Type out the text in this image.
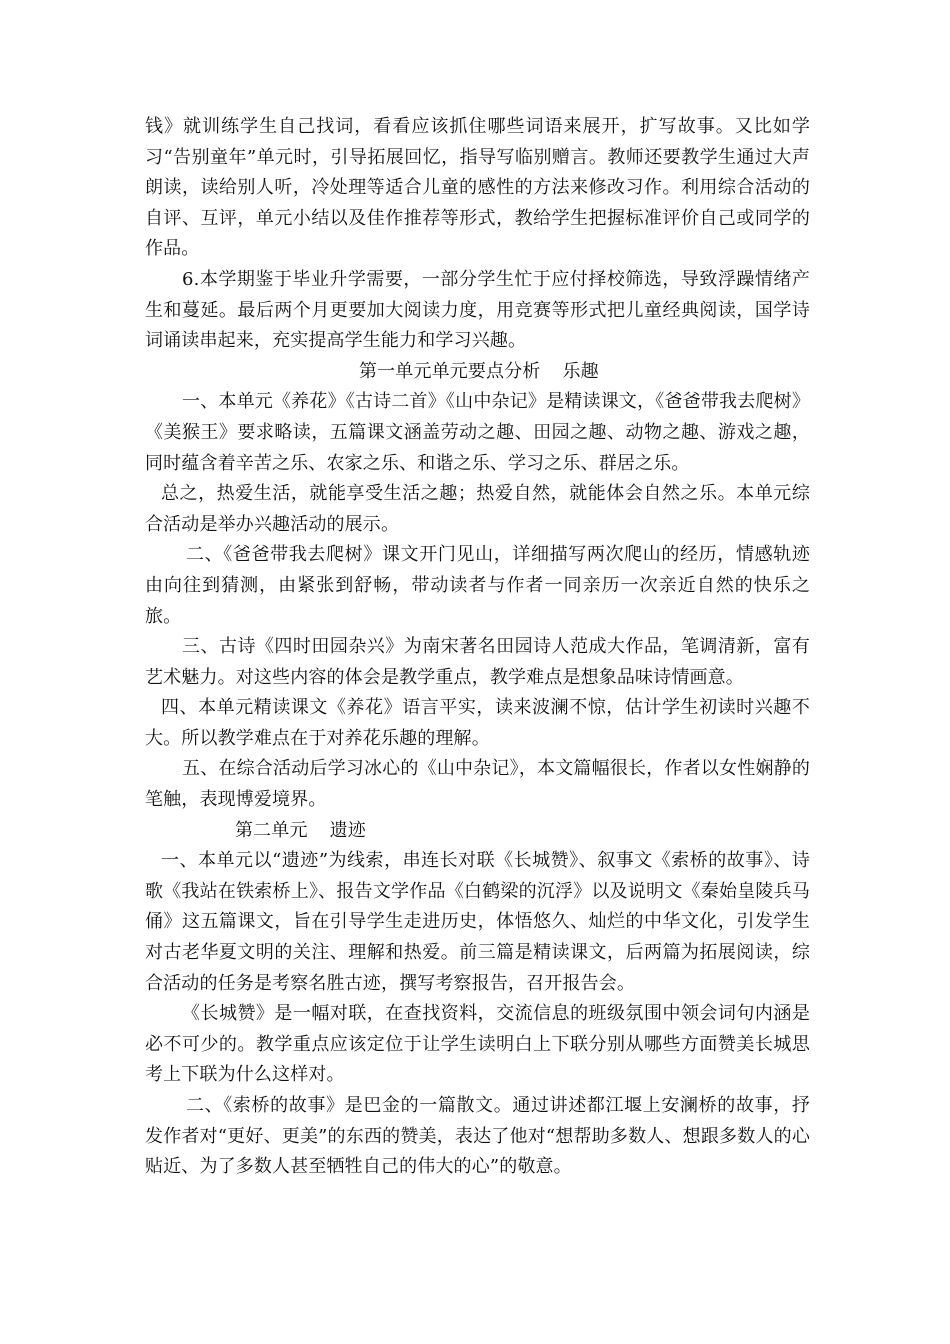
钱》就训练学生自己找词，看看应该抓住哪些词语来展开，扩写故事。又比如学习“告别童年”单元时，引导拓展回忆，指导写临别赠言。教师还要教学生通过大声朗读，读给别人听，冷处理等适合儿童的感性的方法来修改习作。利用综合活动的自评、互评，单元小结以及佳作推荐等形式，教给学生把握标准评价自己或同学的作品。

6.本学期鉴于毕业升学需要，一部分学生忙于应付择校筛选，导致浮躁情绪产生和蔓延。最后两个月更要加大阅读力度，用竞赛等形式把儿童经典阅读，国学诗词诵读串起来，充实提高学生能力和学习兴趣。

第一单元单元要点分析 乐趣

一、本单元《养花》《古诗二首》《山中杂记》是精读课文，《爸爸带我去爬树》《美猴王》要求略读，五篇课文涵盖劳动之趣、田园之趣、动物之趣、游戏之趣，同时蕴含着辛苦之乐、农家之乐、和谐之乐、学习之乐、群居之乐。

总之，热爱生活，就能享受生活之趣；热爱自然，就能体会自然之乐。本单元综合活动是举办兴趣活动的展示。

二、《爸爸带我去爬树》课文开门见山，详细描写两次爬山的经历，情感轨迹由向往到猜测，由紧张到舒畅，带动读者与作者一同亲历一次亲近自然的快乐之旅。

三、古诗《四时田园杂兴》为南宋著名田园诗人范成大作品，笔调清新，富有艺术魅力。对这些内容的体会是教学重点，教学难点是想象品味诗情画意。

四、本单元精读课文《养花》语言平实，读来波澜不惊，估计学生初读时兴趣不大。所以教学难点在于对养花乐趣的理解。

五、在综合活动后学习冰心的《山中杂记》，本文篇幅很长，作者以女性娴静的笔触，表现博爱境界。

第二单元 遗迹

一、本单元以“遗迹”为线索，串连长对联《长城赞》、叙事文《索桥的故事》、诗歌《我站在铁索桥上》、报告文学作品《白鹤梁的沉浮》以及说明文《秦始皇陵兵马俑》这五篇课文，旨在引导学生走进历史，体悟悠久、灿烂的中华文化，引发学生对古老华夏文明的关注、理解和热爱。前三篇是精读课文，后两篇为拓展阅读，综合活动的任务是考察名胜古迹，撰写考察报告，召开报告会。

《长城赞》是一幅对联，在查找资料，交流信息的班级氛围中领会词句内涵是必不可少的。教学重点应该定位于让学生读明白上下联分别从哪些方面赞美长城思考上下联为什么这样对。

二、《索桥的故事》是巴金的一篇散文。通过讲述都江堰上安澜桥的故事，抒发作者对“更好、更美”的东西的赞美，表达了他对“想帮助多数人、想跟多数人的心贴近、为了多数人甚至牺牲自己的伟大的心”的敬意。
